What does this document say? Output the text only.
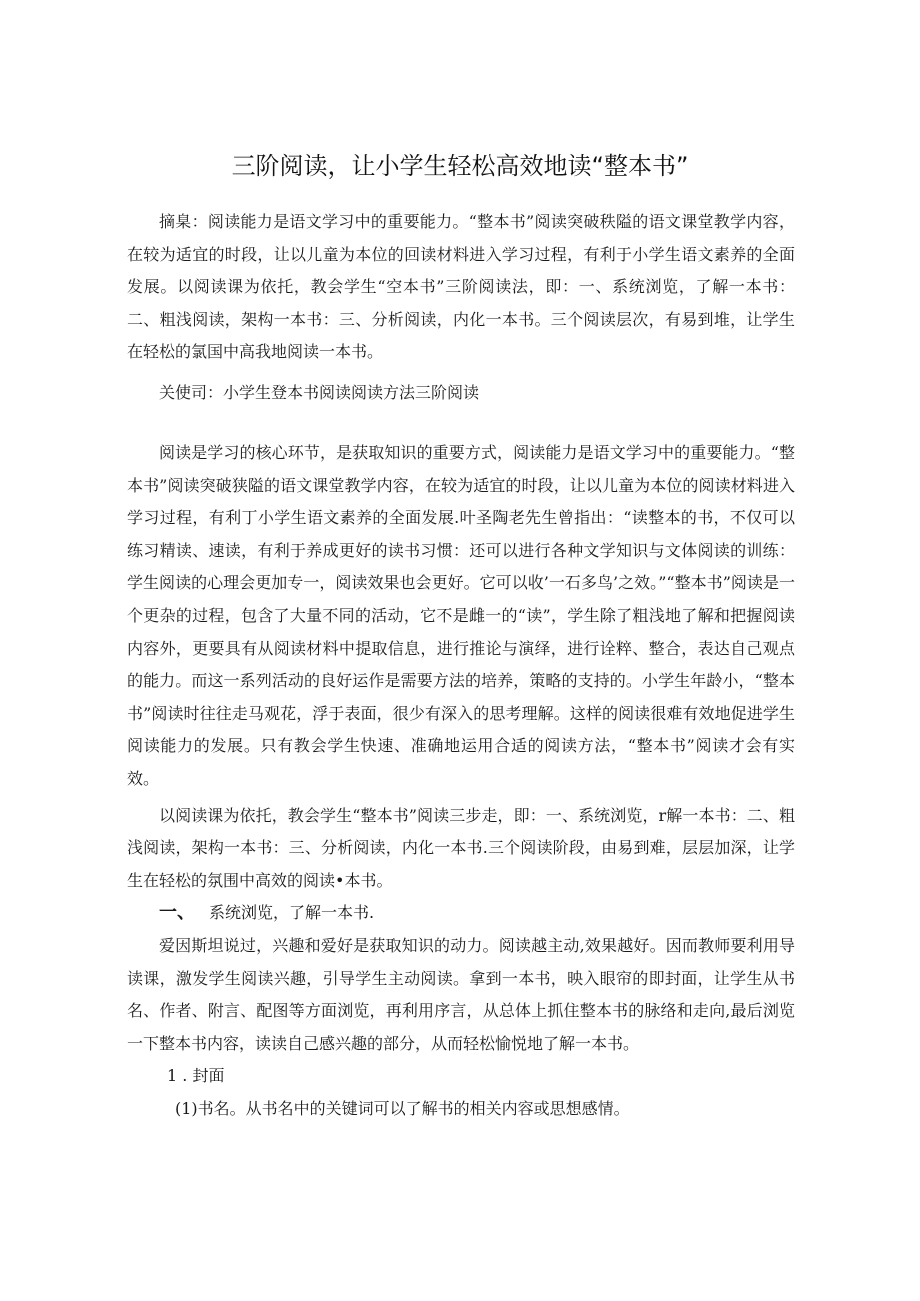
三阶阅读，让小学生轻松高效地读“整本书”

摘臬：阅读能力是语文学习中的重要能力。“整本书”阅读突破秩隘的语文课堂教学内容，在较为适宜的时段，让以儿童为本位的回读材料进入学习过程，有利于小学生语文素养的全面发展。以阅读课为依托，教会学生“空本书”三阶阅读法，即：一、系统浏览，了解一本书：二、粗浅阅读，架构一本书：三、分析阅读，内化一本书。三个阅读层次，有易到堆，让学生在轻松的氯国中高我地阅读一本书。

关使司：小学生登本书阅读阅读方法三阶阅读

阅读是学习的核心环节，是获取知识的重要方式，阅读能力是语文学习中的重要能力。“整本书”阅读突破狭隘的语文课堂教学内容，在较为适宜的时段，让以儿童为本位的阅读材料进入学习过程，有利丁小学生语文素养的全面发展.叶圣陶老先生曾指出：“读整本的书，不仅可以练习精读、速读，有利于养成更好的读书习惯：还可以进行各种文学知识与文体阅读的训练：学生阅读的心理会更加专一，阅读效果也会更好。它可以收’一石多鸟’之效。”“整本书”阅读是一个更杂的过程，包含了大量不同的活动，它不是雌一的“读”，学生除了粗浅地了解和把握阅读内容外，更要具有从阅读材料中提取信息，进行推论与演绎，进行诠粹、整合，表达自己观点的能力。而这一系列活动的良好运作是需要方法的培养，策略的支持的。小学生年龄小，“整本书”阅读时往往走马观花，浮于表面，很少有深入的思考理解。这样的阅读很难有效地促进学生阅读能力的发展。只有教会学生快速、准确地运用合适的阅读方法，“整本书”阅读才会有实效。

以阅读课为依托，教会学生“整本书”阅读三步走，即：一、系统浏览，r解一本书：二、粗浅阅读，架构一本书：三、分析阅读，内化一本书.三个阅读阶段，由易到难，层层加深，让学生在轻松的氛围中高效的阅读•本书。

一、 系统浏览，了解一本书.

爱因斯坦说过，兴趣和爱好是获取知识的动力。阅读越主动,效果越好。因而教师要利用导读课，激发学生阅读兴趣，引导学生主动阅读。拿到一本书，映入眼帘的即封面，让学生从书名、作者、附言、配图等方面浏览，再利用序言，从总体上抓住整本书的脉络和走向,最后浏览一下整本书内容，读读自己感兴趣的部分，从而轻松愉悦地了解一本书。

1 . 封面

(1)书名。从书名中的关键词可以了解书的相关内容或思想感情。
